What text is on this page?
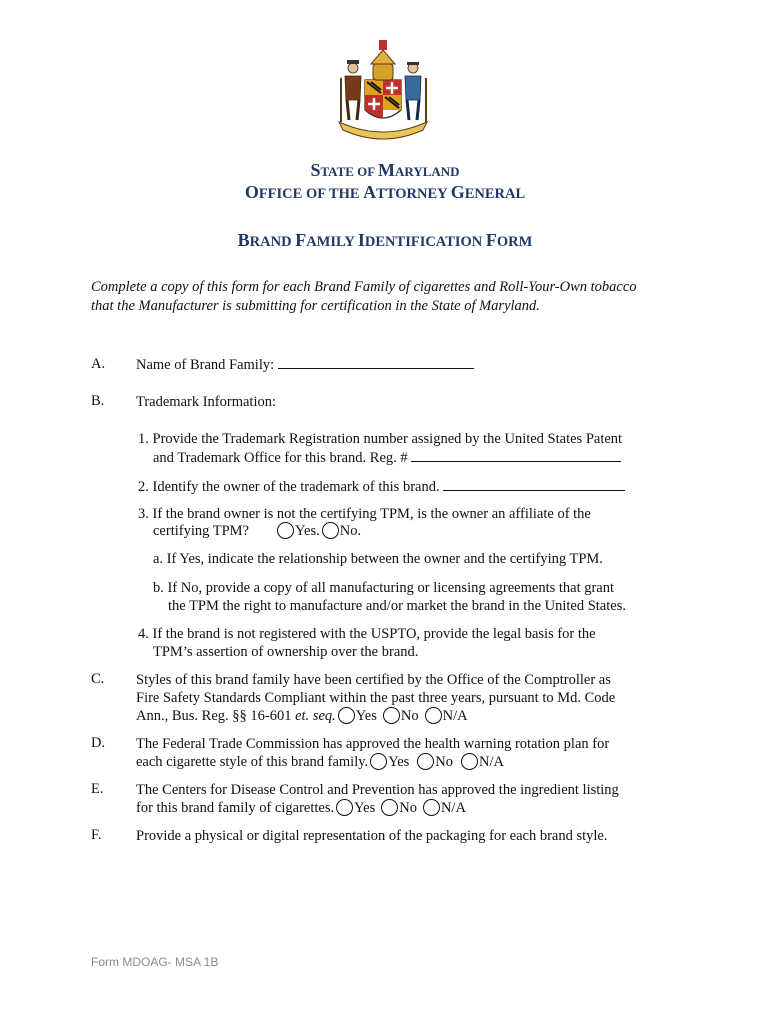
STATE OF MARYLAND
OFFICE OF THE ATTORNEY GENERAL
BRAND FAMILY IDENTIFICATION FORM
Complete a copy of this form for each Brand Family of cigarettes and Roll-Your-Own tobacco
that the Manufacturer is submitting for certification in the State of Maryland.
A. Name of Brand Family:
B. Trademark Information:
1. Provide the Trademark Registration number assigned by the United States Patent
and Trademark Office for this brand. Reg. #
2. Identify the owner of the trademark of this brand.
3. If the brand owner is not the certifying TPM, is the owner an affiliate of the
certifying TPM?	Yes. No.
a. If Yes, indicate the relationship between the owner and the certifying TPM.
b. If No, provide a copy of all manufacturing or licensing agreements that grant
the TPM the right to manufacture and/or market the brand in the United States.
4. If the brand is not registered with the USPTO, provide the legal basis for the
TPM’s assertion of ownership over the brand.
C. Styles of this brand family have been certified by the Office of the Comptroller as
Fire Safety Standards Compliant within the past three years, pursuant to Md. Code
Ann., Bus. Reg. §§ 16-601 et. seq. Yes No N/A
D. The Federal Trade Commission has approved the health warning rotation plan for
each cigarette style of this brand family. Yes No N/A
E. The Centers for Disease Control and Prevention has approved the ingredient listing
for this brand family of cigarettes. Yes No N/A
F. Provide a physical or digital representation of the packaging for each brand style.
Form MDOAG- MSA 1B
